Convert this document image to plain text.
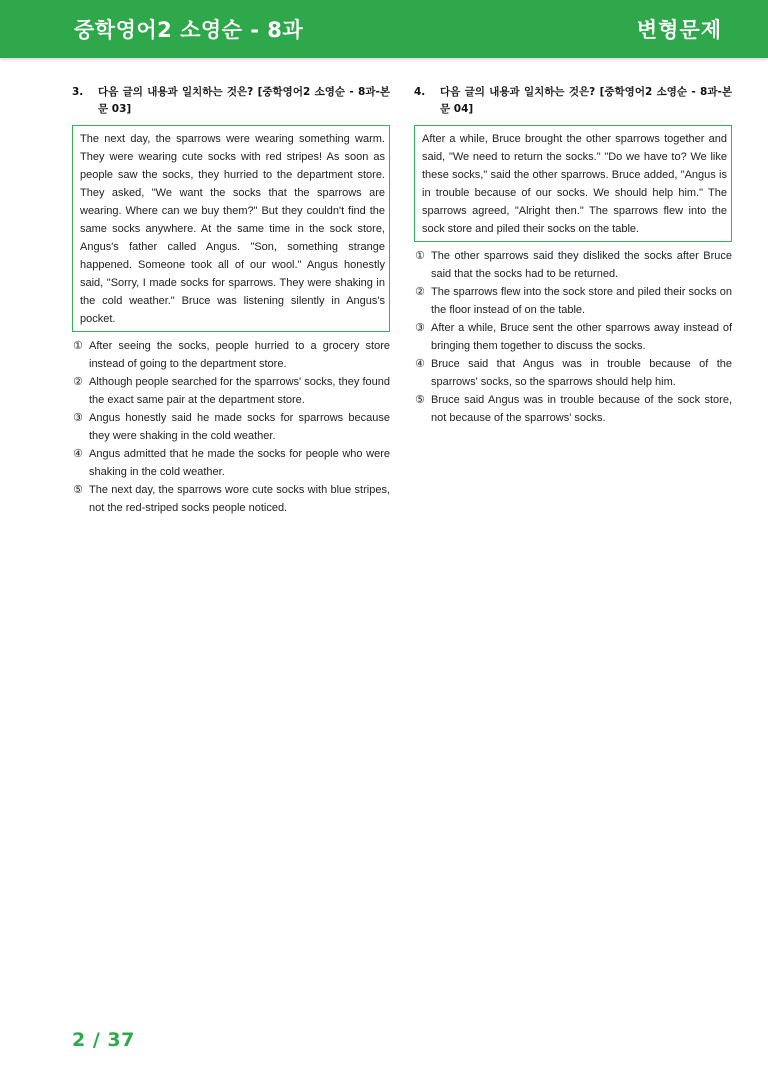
중학영어2 소영순 - 8과	변형문제
3.	다음 글의 내용과 일치하는 것은? [중학영어2 소영순 - 8과-본문 03]
The next day, the sparrows were wearing something warm. They were wearing cute socks with red stripes! As soon as people saw the socks, they hurried to the department store. They asked, "We want the socks that the sparrows are wearing. Where can we buy them?" But they couldn't find the same socks anywhere. At the same time in the sock store, Angus's father called Angus. "Son, something strange happened. Someone took all of our wool." Angus honestly said, "Sorry, I made socks for sparrows. They were shaking in the cold weather." Bruce was listening silently in Angus's pocket.
① After seeing the socks, people hurried to a grocery store instead of going to the department store.
② Although people searched for the sparrows' socks, they found the exact same pair at the department store.
③ Angus honestly said he made socks for sparrows because they were shaking in the cold weather.
④ Angus admitted that he made the socks for people who were shaking in the cold weather.
⑤ The next day, the sparrows wore cute socks with blue stripes, not the red-striped socks people noticed.
4.	다음 글의 내용과 일치하는 것은? [중학영어2 소영순 - 8과-본문 04]
After a while, Bruce brought the other sparrows together and said, "We need to return the socks." "Do we have to? We like these socks," said the other sparrows. Bruce added, "Angus is in trouble because of our socks. We should help him." The sparrows agreed, "Alright then." The sparrows flew into the sock store and piled their socks on the table.
① The other sparrows said they disliked the socks after Bruce said that the socks had to be returned.
② The sparrows flew into the sock store and piled their socks on the floor instead of on the table.
③ After a while, Bruce sent the other sparrows away instead of bringing them together to discuss the socks.
④ Bruce said that Angus was in trouble because of the sparrows' socks, so the sparrows should help him.
⑤ Bruce said Angus was in trouble because of the sock store, not because of the sparrows' socks.
2 / 37
